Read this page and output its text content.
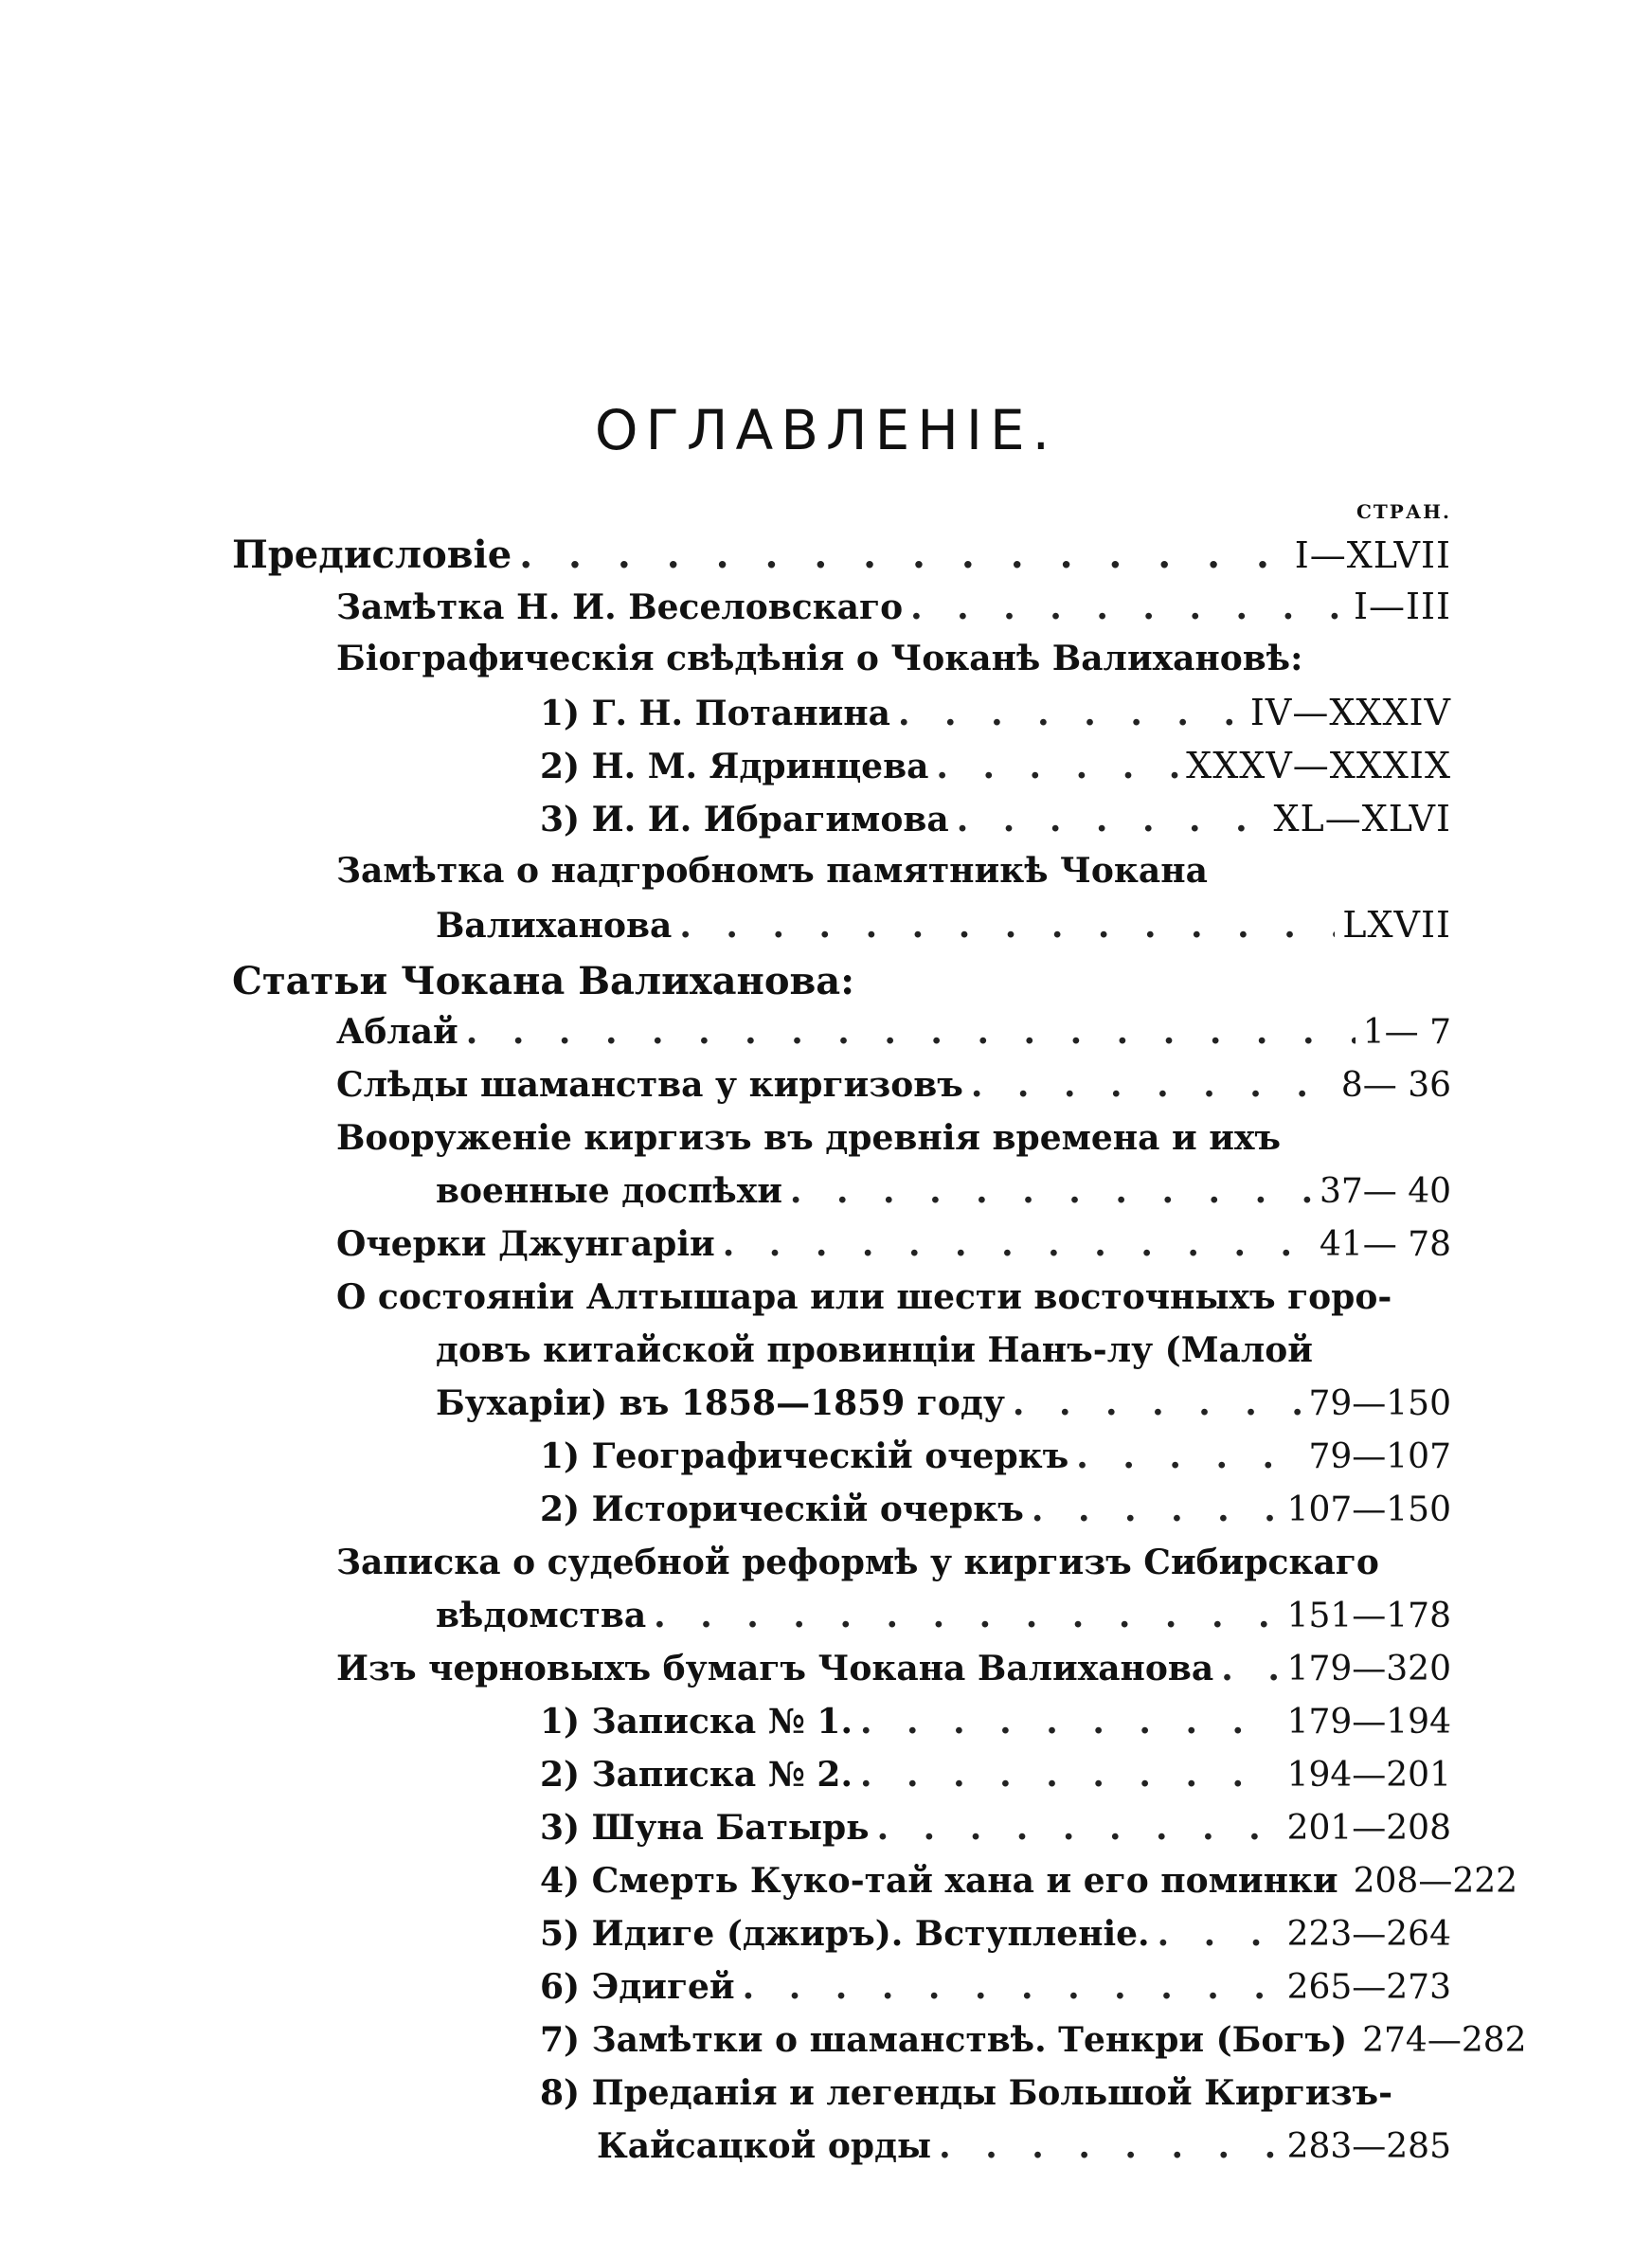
ОГЛАВЛЕНІЕ.
СТРАН.
Предисловіе . . .	I—XLVII
Замѣтка Н. И. Веселовскаго . . .	I—III
Біографическія свѣдѣнія о Чоканѣ Валихановѣ:
1) Г. Н. Потанина . . .	IV—XXXIV
2) Н. М. Ядринцева . . .	XXXV—XXXIX
3) И. И. Ибрагимова . . .	XL—XLVI
Замѣтка о надгробномъ памятникѣ Чокана
Валиханова . . .	LXVII
Статьи Чокана Валиханова:
Аблай . . .	1— 7
Слѣды шаманства у киргизовъ . . .	8— 36
Вооруженіе киргизъ въ древнія времена и ихъ
военные доспѣхи . . .	37— 40
Очерки Джунгаріи . . .	41— 78
О состояніи Алтышара или шести восточныхъ горо-
довъ китайской провинціи Нанъ-лу (Малой
Бухаріи) въ 1858—1859 году . . .	79—150
1) Географическій очеркъ . . .	79—107
2) Историческій очеркъ . . .	107—150
Записка о судебной реформѣ у киргизъ Сибирскаго
вѣдомства . . .	151—178
Изъ черновыхъ бумагъ Чокана Валиханова . . . 179—320
1) Записка № 1. . . .	179—194
2) Записка № 2. . . .	194—201
3) Шуна Батырь . . .	201—208
4) Смерть Куко-тай хана и его поминки 208—222
5) Идиге (джиръ). Вступленіе. . . .	223—264
6) Эдигей . . .	265—273
7) Замѣтки о шаманствѣ. Тенкри (Богъ) 274—282
8) Преданія и легенды Большой Киргизъ-
Кайсацкой орды . . .	283—285
